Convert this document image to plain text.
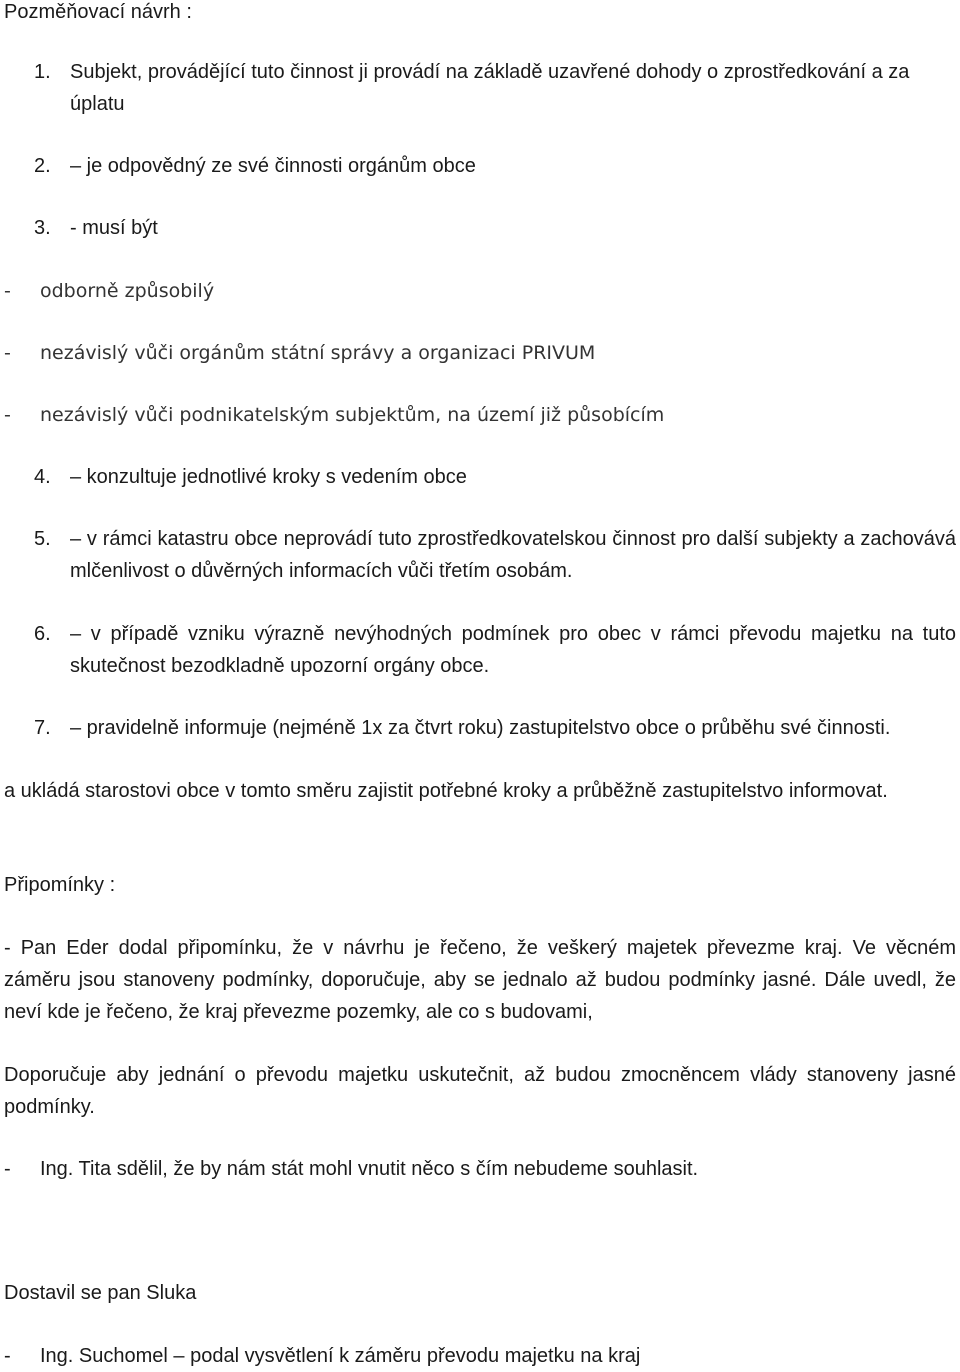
Pozměňovací návrh :
1. Subjekt, provádějící tuto činnost ji provádí na základě uzavřené dohody o zprostředkování a za
úplatu
2. – je odpovědný ze své činnosti orgánům obce
3. - musí být
- odborně způsobilý
- nezávislý vůči orgánům státní správy a organizaci PRIVUM
- nezávislý vůči podnikatelským subjektům, na území již působícím
4. – konzultuje jednotlivé kroky s vedením obce
5. – v rámci katastru obce neprovádí tuto zprostředkovatelskou činnost pro další subjekty a zachovává mlčenlivost o důvěrných informacích vůči třetím osobám.
6. – v případě vzniku výrazně nevýhodných podmínek pro obec v rámci převodu majetku na tuto skutečnost bezodkladně upozorní orgány obce.
7. – pravidelně informuje (nejméně 1x za čtvrt roku) zastupitelstvo obce o průběhu své činnosti.
a ukládá starostovi obce v tomto směru zajistit potřebné kroky a průběžně zastupitelstvo informovat.
Připomínky :
- Pan Eder dodal připomínku, že v návrhu je řečeno, že veškerý majetek převezme kraj. Ve věcném záměru jsou stanoveny podmínky, doporučuje, aby se jednalo až budou podmínky jasné. Dále uvedl, že neví kde je řečeno, že kraj převezme pozemky, ale co s budovami,
Doporučuje aby jednání o převodu majetku uskutečnit, až budou zmocněncem vlády stanoveny jasné podmínky.
- Ing. Tita sdělil, že by nám stát mohl vnutit něco s čím nebudeme souhlasit.
Dostavil se pan Sluka
- Ing. Suchomel – podal vysvětlení k záměru převodu majetku na kraj
